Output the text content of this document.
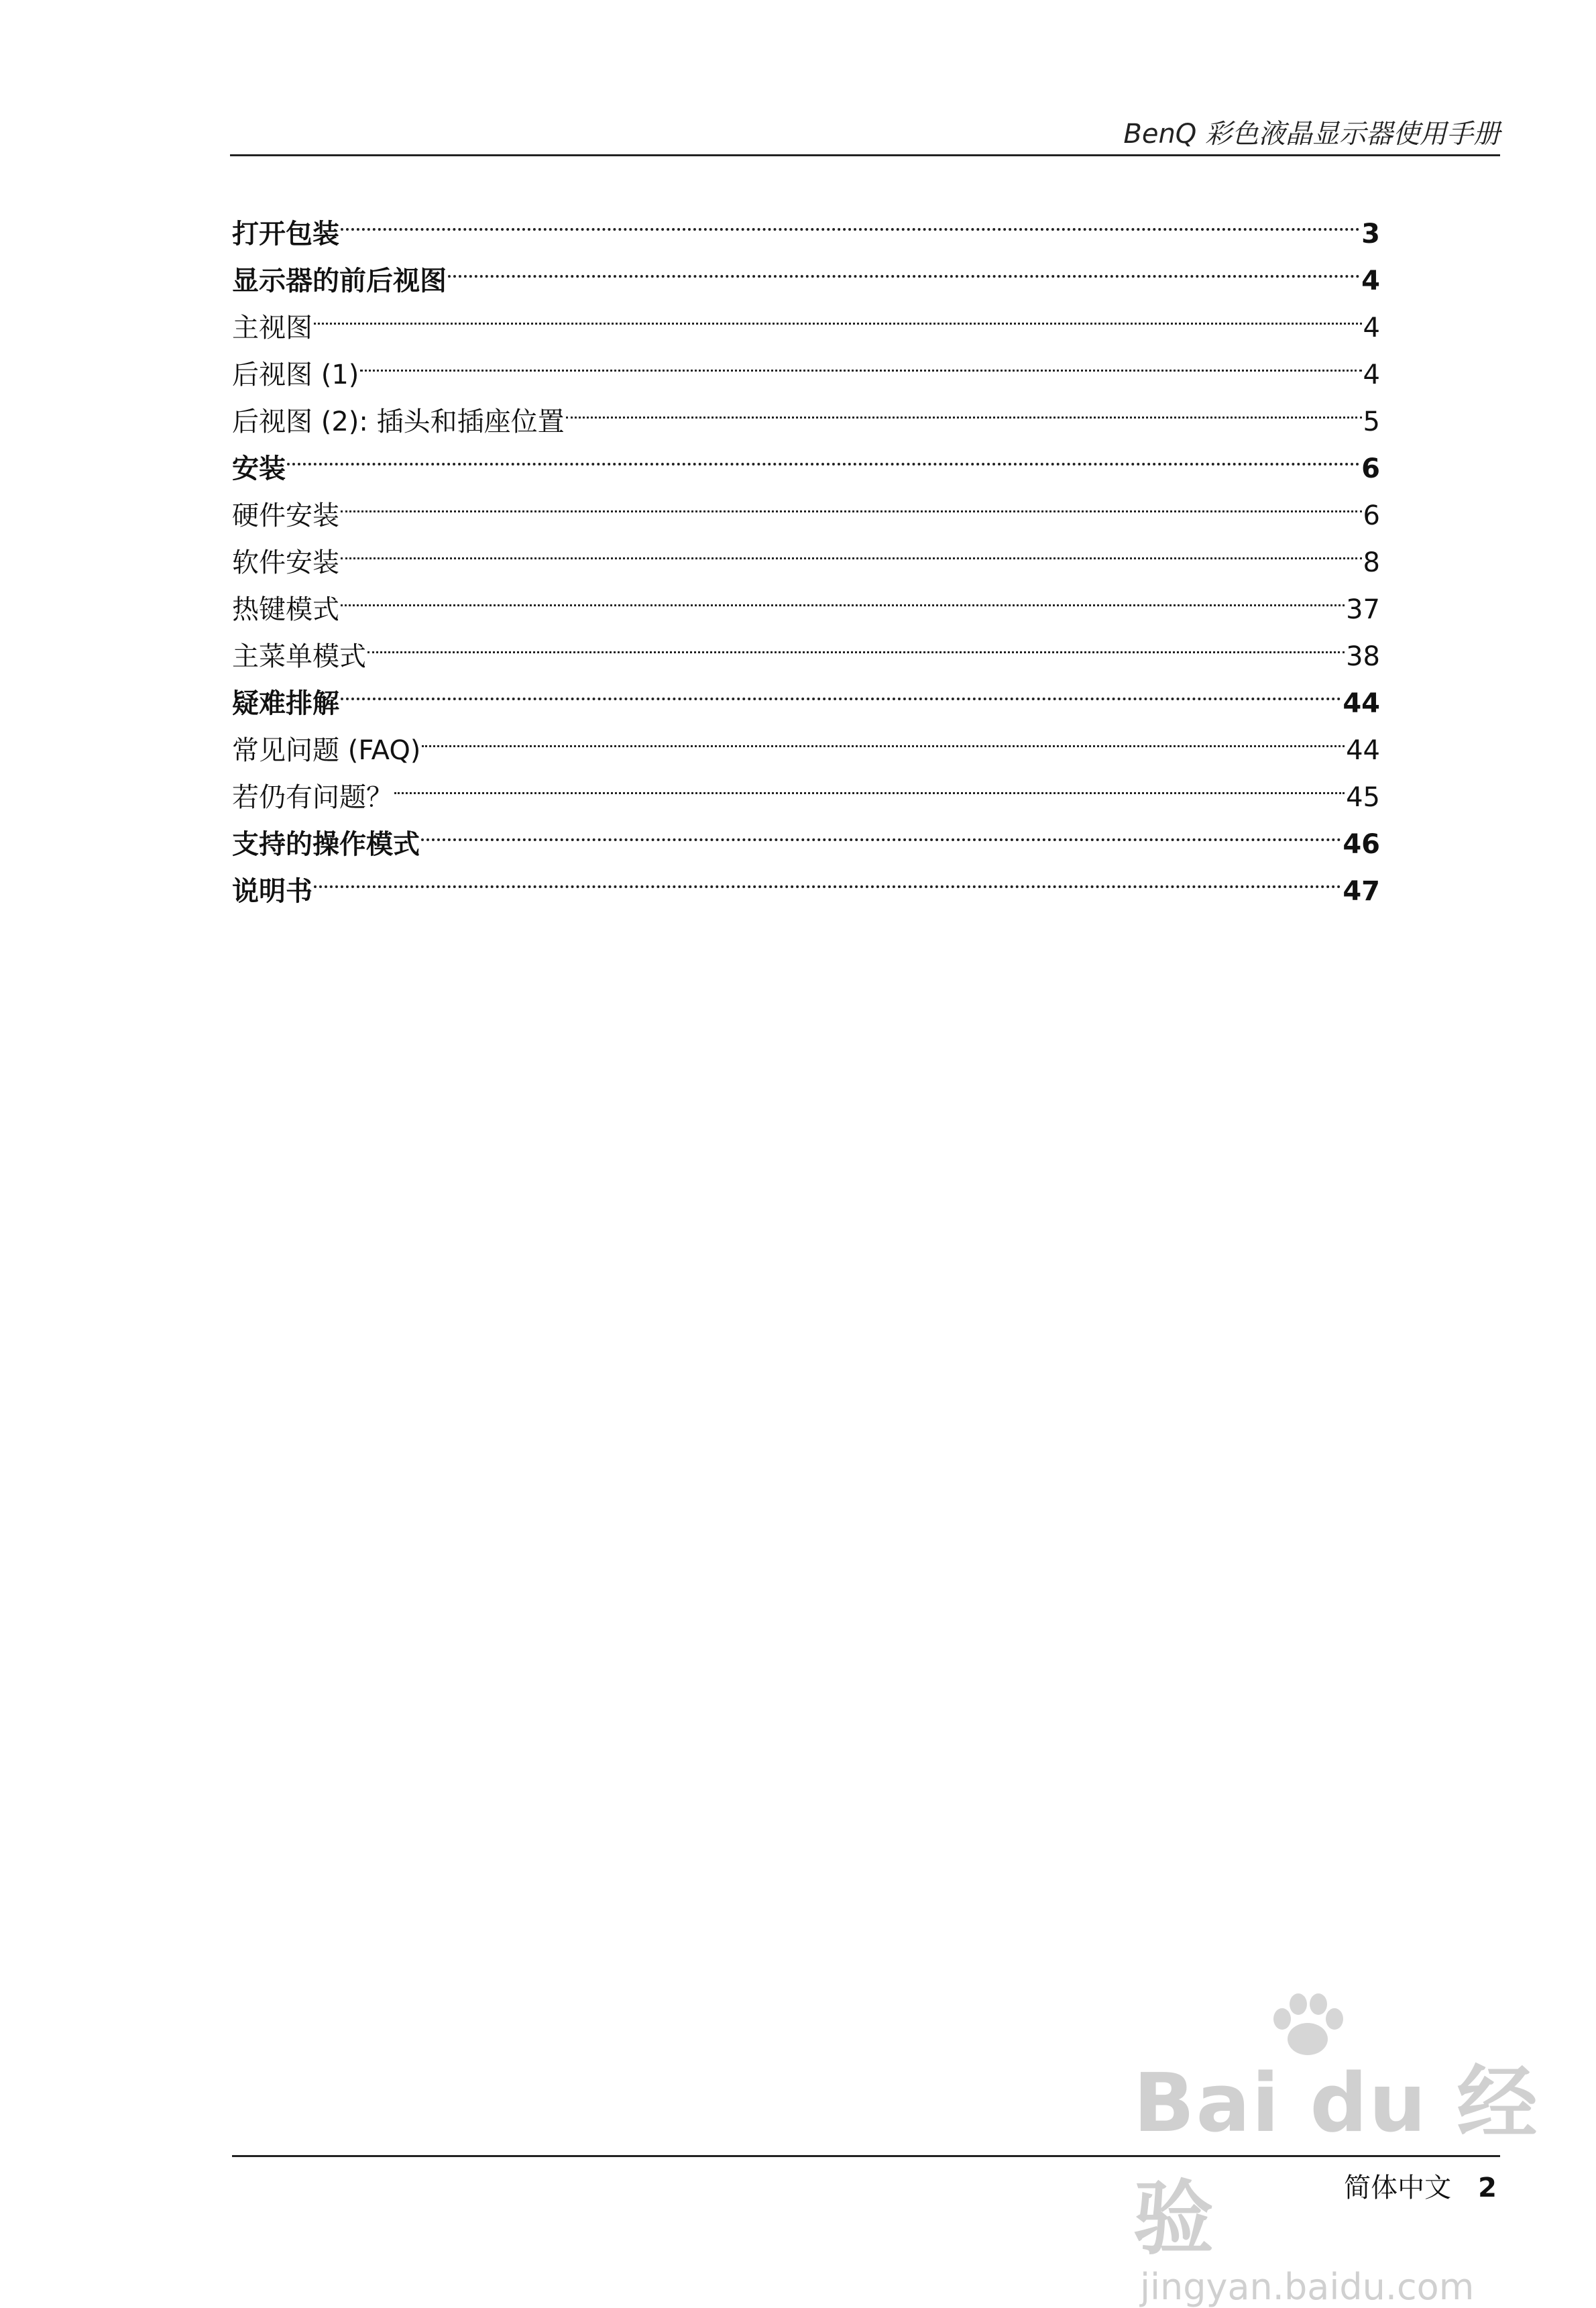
BenQ 彩色液晶显示器使用手册
打开包装	3
显示器的前后视图	4
主视图	4
后视图 (1)	4
后视图 (2): 插头和插座位置	5
安装	6
硬件安装	6
软件安装	8
热键模式	37
主菜单模式	38
疑难排解	44
常见问题 (FAQ)	44
若仍有问题？	45
支持的操作模式	46
说明书	47
Bai du 经验
jingyan.baidu.com
简体中文 2
